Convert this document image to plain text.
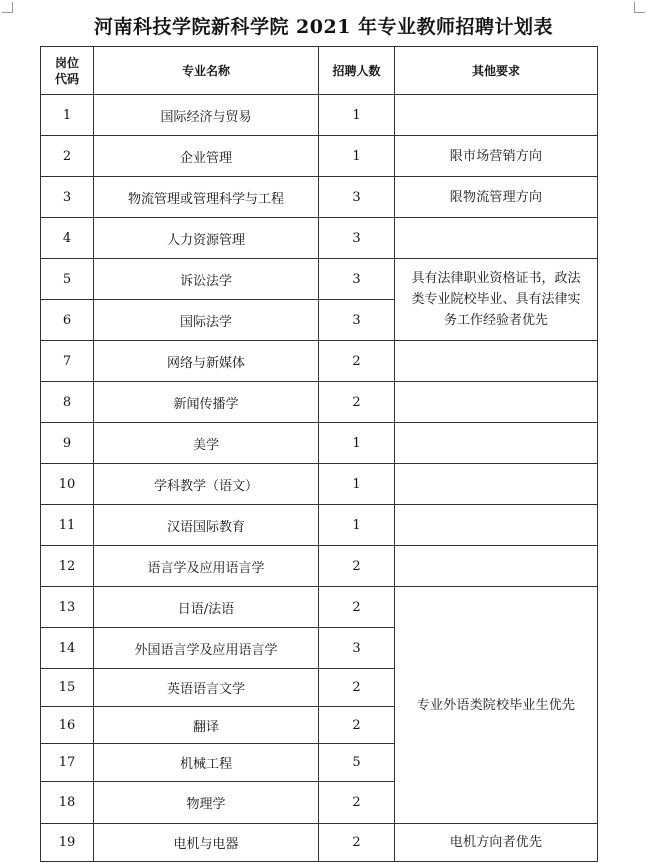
河南科技学院新科学院 2021 年专业教师招聘计划表
岗位
代码	专业名称	招聘人数	其他要求
1	国际经济与贸易	1	
2	企业管理	1	限市场营销方向
3	物流管理或管理科学与工程	3	限物流管理方向
4	人力资源管理	3	
5	诉讼法学	3	具有法律职业资格证书，政法
类专业院校毕业、具有法律实
务工作经验者优先
6	国际法学	3	
7	网络与新媒体	2	
8	新闻传播学	2	
9	美学	1	
10	学科教学（语文）	1	
11	汉语国际教育	1	
12	语言学及应用语言学	2	
13	日语/法语	2	专业外语类院校毕业生优先
14	外国语言学及应用语言学	3	
15	英语语言文学	2	
16	翻译	2	
17	机械工程	5	
18	物理学	2	
19	电机与电器	2	电机方向者优先
